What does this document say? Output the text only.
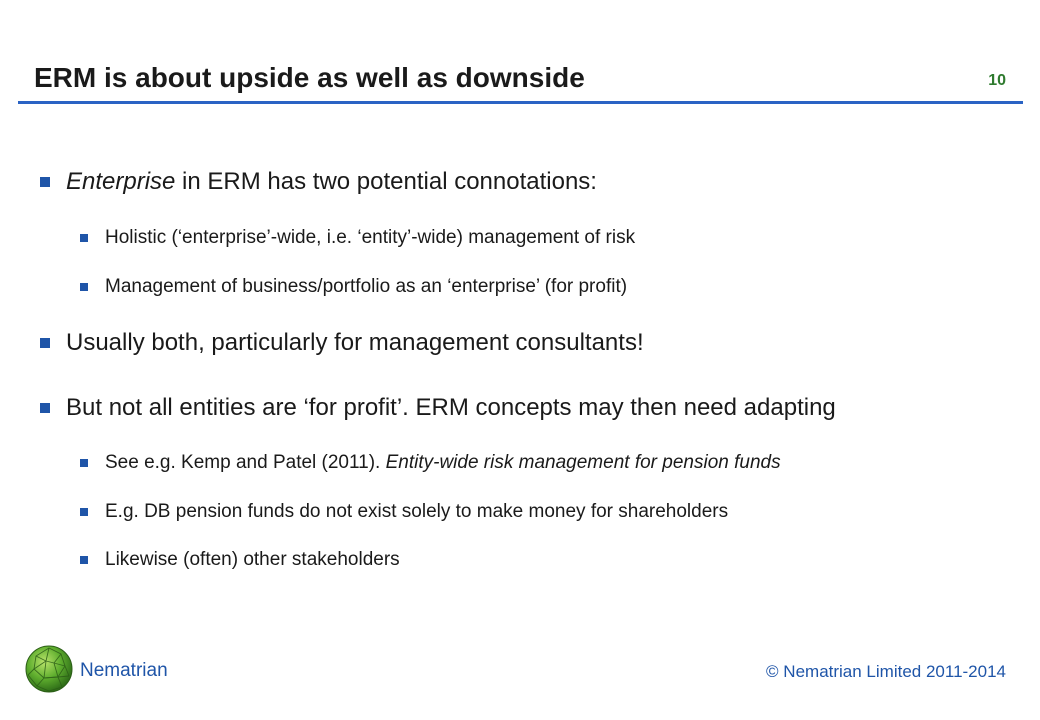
ERM is about upside as well as downside	10
Enterprise in ERM has two potential connotations:
Holistic (‘enterprise’-wide, i.e. ‘entity’-wide) management of risk
Management of business/portfolio as an ‘enterprise’ (for profit)
Usually both, particularly for management consultants!
But not all entities are ‘for profit’. ERM concepts may then need adapting
See e.g. Kemp and Patel (2011). Entity-wide risk management for pension funds
E.g. DB pension funds do not exist solely to make money for shareholders
Likewise (often) other stakeholders
Nematrian	© Nematrian Limited 2011-2014
